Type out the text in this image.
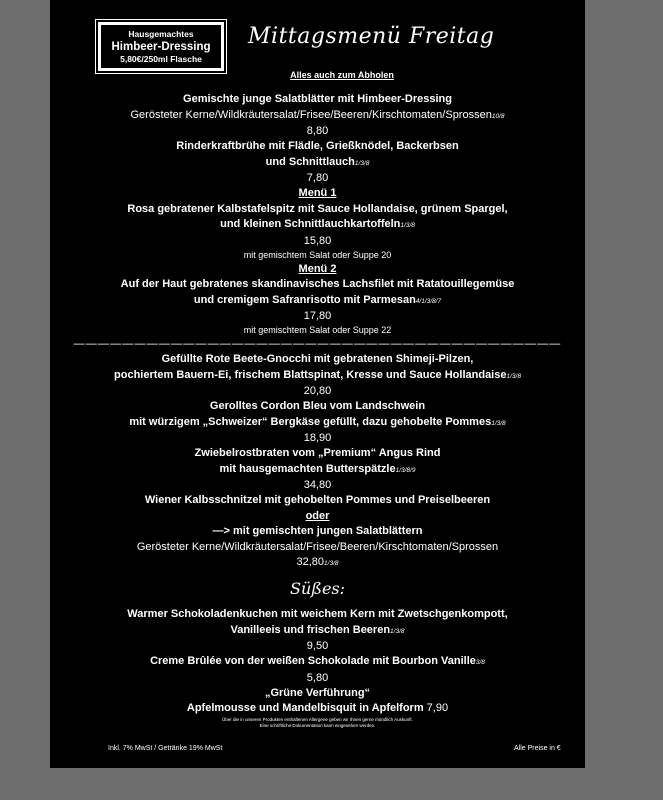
Hausgemachtes
Himbeer-Dressing
5,80€/250ml Flasche
Mittagsmenü Freitag
Alles auch zum Abholen
Gemischte junge Salatblätter mit Himbeer-Dressing
Gerösteter Kerne/Wildkräutersalat/Frisee/Beeren/Kirschtomaten/Sprossen10/8
8,80
Rinderkraftbrühe mit Flädle, Grießknödel, Backerbsen
und Schnittlauch1/3/8
7,80
Menü 1
Rosa gebratener Kalbstafelspitz mit Sauce Hollandaise, grünem Spargel,
und kleinen Schnittlauchkartoffeln1/3/8
15,80
mit gemischtem Salat oder Suppe 20
Menü 2
Auf der Haut gebratenes skandinavisches Lachsfilet mit Ratatouillegemüse
und cremigem Safranrisotto mit Parmesan4/1/3/8/7
17,80
mit gemischtem Salat oder Suppe 22
————————————————————————————————————————
Gefüllte Rote Beete-Gnocchi mit gebratenen Shimeji-Pilzen,
pochiertem Bauern-Ei, frischem Blattspinat, Kresse und Sauce Hollandaise1/3/8
20,80
Gerolltes Cordon Bleu vom Landschwein
mit würzigem „Schweizer“ Bergkäse gefüllt, dazu gehobelte Pommes1/3/8
18,90
Zwiebelrostbraten vom „Premium“ Angus Rind
mit hausgemachten Butterspätzle1/3/8/9
34,80
Wiener Kalbsschnitzel mit gehobelten Pommes und Preiselbeeren
oder
—> mit gemischten jungen Salatblättern
Gerösteter Kerne/Wildkräutersalat/Frisee/Beeren/Kirschtomaten/Sprossen
32,801/3/8
Süßes:
Warmer Schokoladenkuchen mit weichem Kern mit Zwetschgenkompott,
Vanilleeis und frischen Beeren1/3/8
9,50
Creme Brûlée von der weißen Schokolade mit Bourbon Vanille3/8
5,80
„Grüne Verführung“
Apfelmousse und Mandelbisquit in Apfelform 7,90
Über die in unseren Produkten enthaltenen Allergene geben wir Ihnen gerne mündlich Auskunft.
Eine schriftliche Dokumentation kann eingesehen werden.
Inkl. 7% MwSt / Getränke 19% MwSt	Alle Preise in €
